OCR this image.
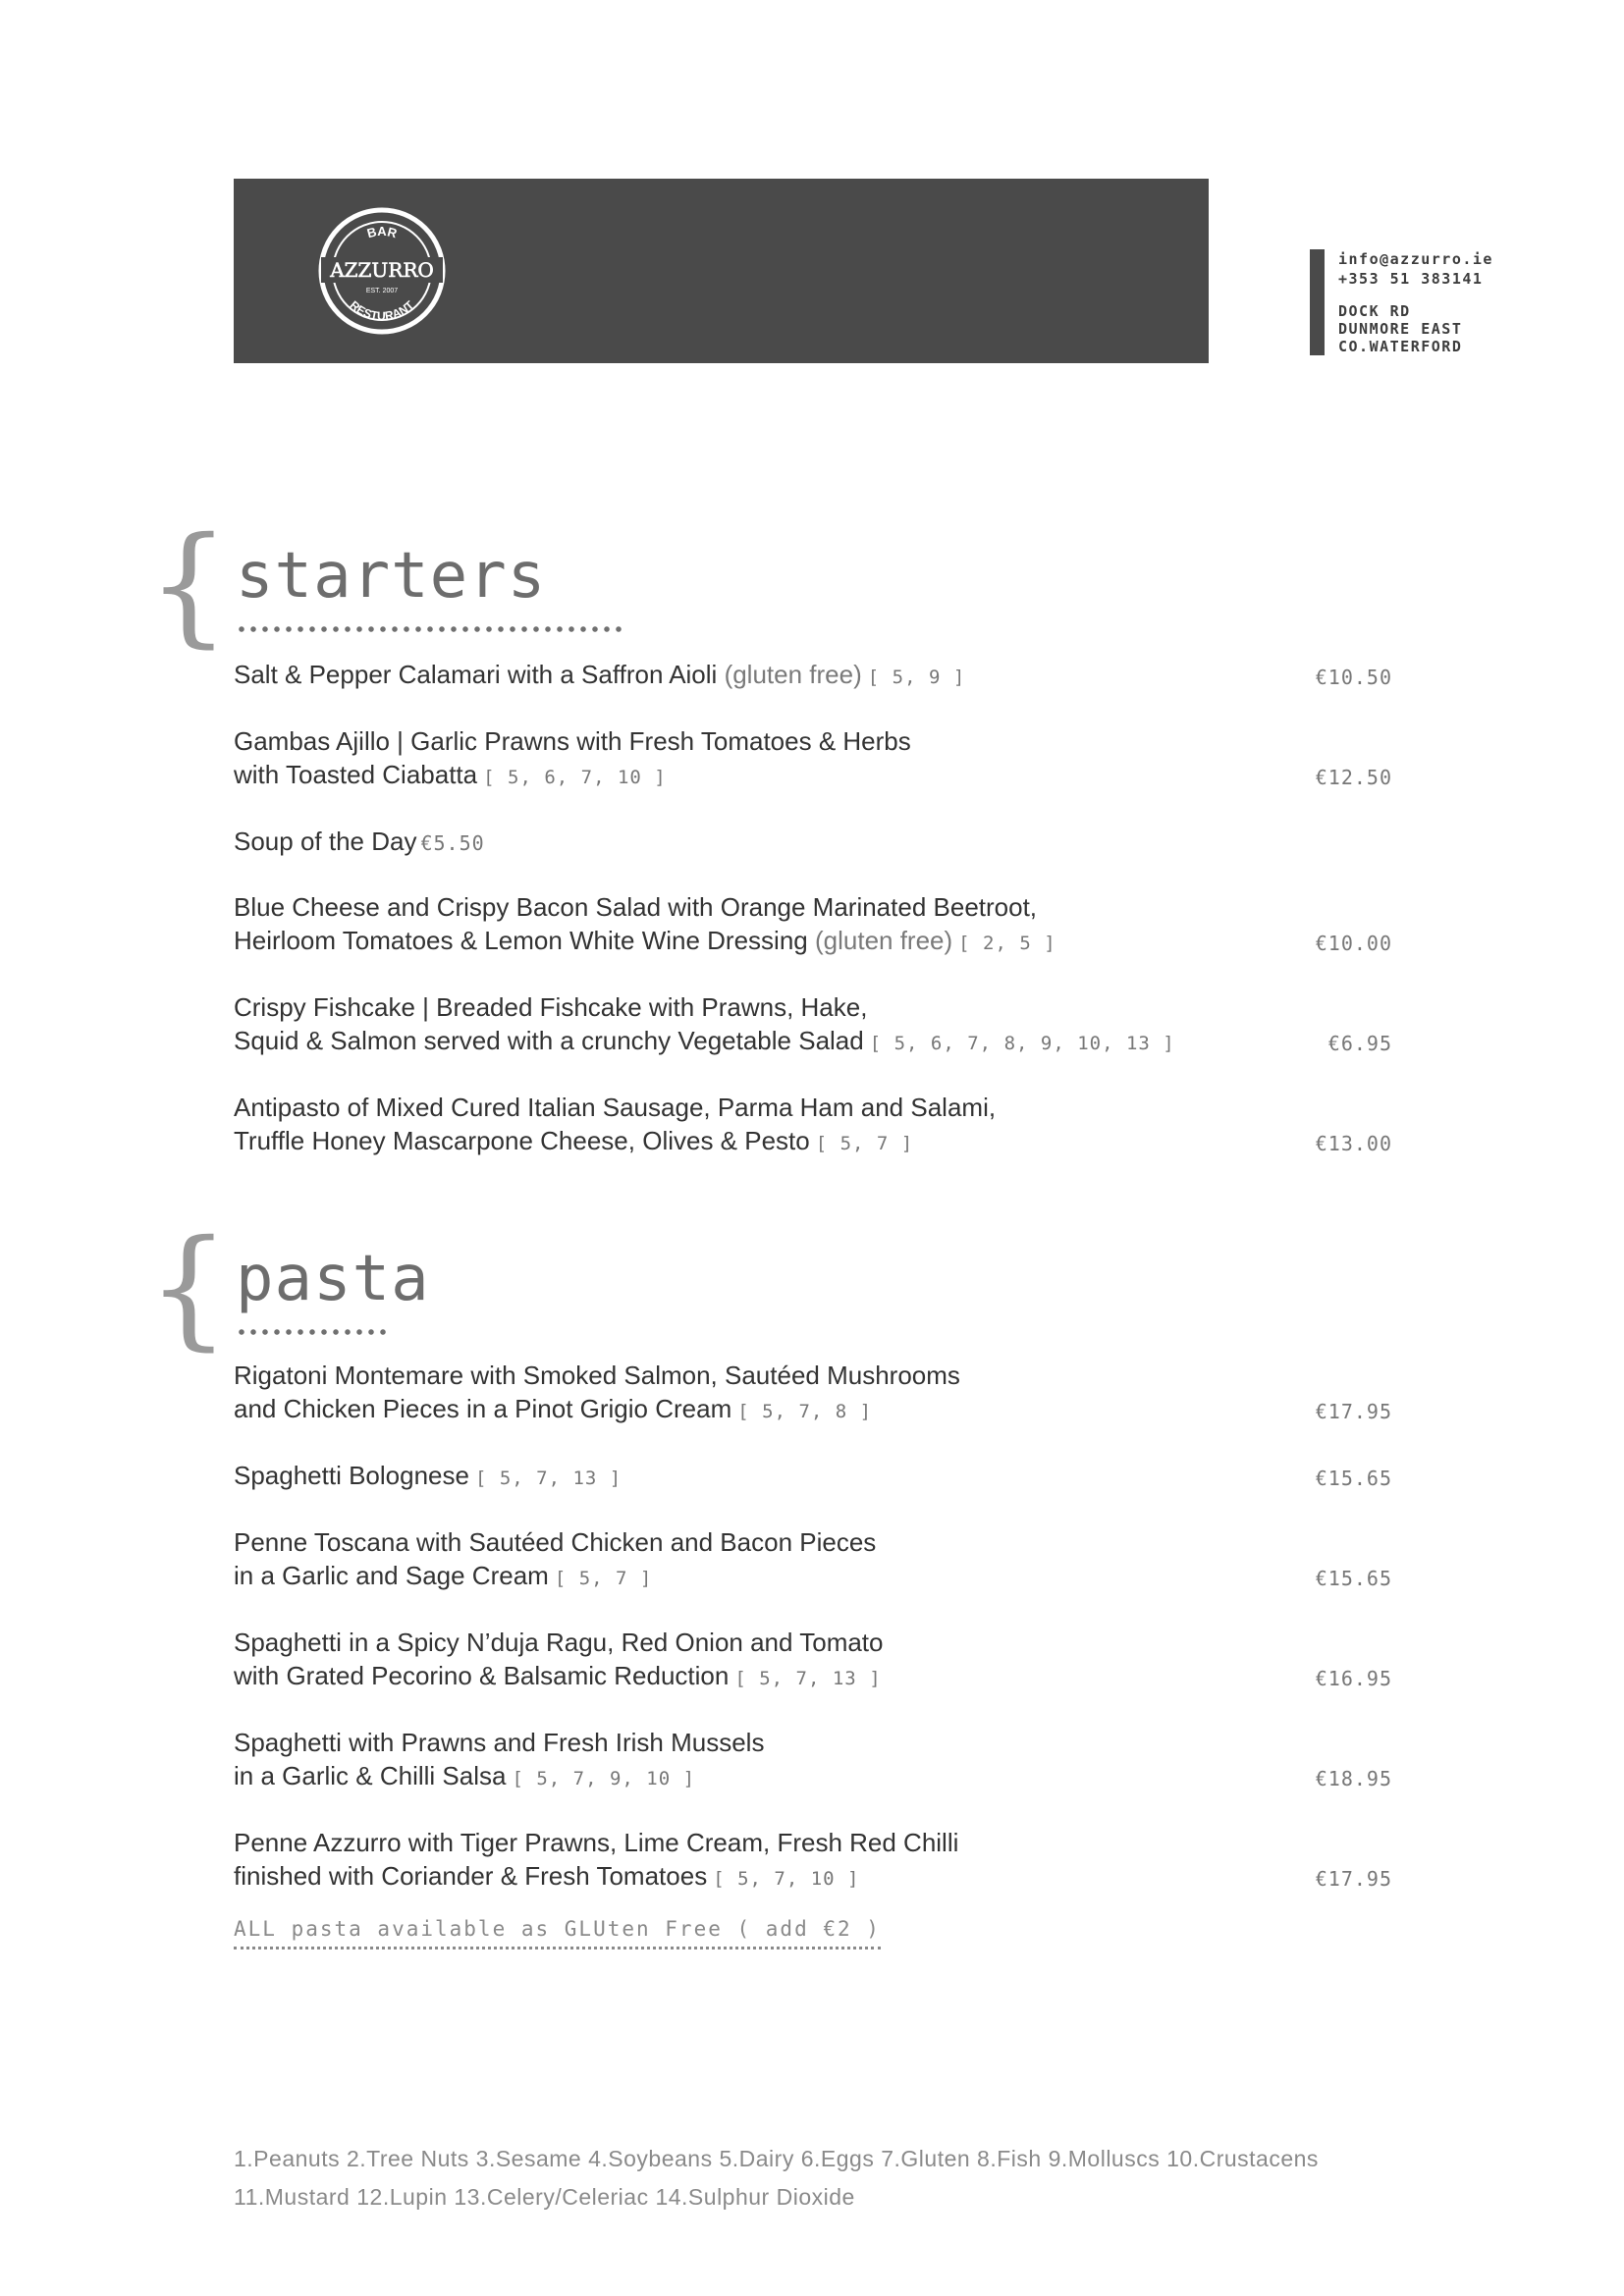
BAR
AZZURRO
EST. 2007
RESTURANT
info@azzurro.ie
+353 51 383141
DOCK RD
DUNMORE EAST
CO.WATERFORD
{ starters
Salt & Pepper Calamari with a Saffron Aioli (gluten free) [ 5, 9 ]	€10.50
Gambas Ajillo | Garlic Prawns with Fresh Tomatoes & Herbs
with Toasted Ciabatta [ 5, 6, 7, 10 ]	€12.50
Soup of the Day €5.50
Blue Cheese and Crispy Bacon Salad with Orange Marinated Beetroot,
Heirloom Tomatoes & Lemon White Wine Dressing (gluten free) [ 2, 5 ]	€10.00
Crispy Fishcake | Breaded Fishcake with Prawns, Hake,
Squid & Salmon served with a crunchy Vegetable Salad [ 5, 6, 7, 8, 9, 10, 13 ]	€6.95
Antipasto of Mixed Cured Italian Sausage, Parma Ham and Salami,
Truffle Honey Mascarpone Cheese, Olives & Pesto [ 5, 7 ]	€13.00
{ pasta
Rigatoni Montemare with Smoked Salmon, Sautéed Mushrooms
and Chicken Pieces in a Pinot Grigio Cream [ 5, 7, 8 ]	€17.95
Spaghetti Bolognese [ 5, 7, 13 ]	€15.65
Penne Toscana with Sautéed Chicken and Bacon Pieces
in a Garlic and Sage Cream [ 5, 7 ]	€15.65
Spaghetti in a Spicy N’duja Ragu, Red Onion and Tomato
with Grated Pecorino & Balsamic Reduction [ 5, 7, 13 ]	€16.95
Spaghetti with Prawns and Fresh Irish Mussels
in a Garlic & Chilli Salsa [ 5, 7, 9, 10 ]	€18.95
Penne Azzurro with Tiger Prawns, Lime Cream, Fresh Red Chilli
finished with Coriander & Fresh Tomatoes [ 5, 7, 10 ]	€17.95
ALL pasta available as GLUten Free ( add €2 )
1.Peanuts 2.Tree Nuts 3.Sesame 4.Soybeans 5.Dairy 6.Eggs 7.Gluten 8.Fish 9.Molluscs 10.Crustacens
11.Mustard 12.Lupin 13.Celery/Celeriac 14.Sulphur Dioxide
